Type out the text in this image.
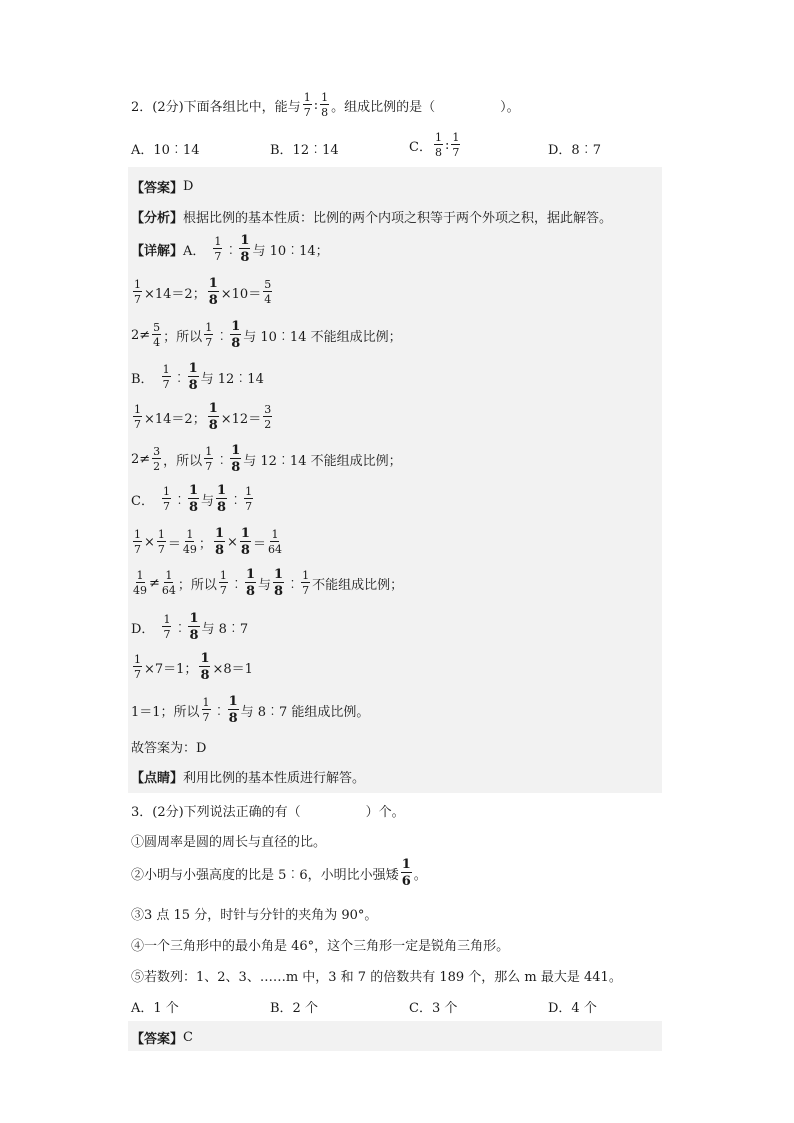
2．(2分)下面各组比中，能与 $\frac{1}{7}$ : $\frac{1}{8}$ 。组成比例的是（　　　　　）。
A．10︰14	B．12︰14	C． $\frac{1}{8}$ : $\frac{1}{7}$	D．8︰7
【答案】 D
【分析】 根据比例的基本性质：比例的两个内项之积等于两个外项之积，据此解答。
【详解】 A． $\frac{1}{7}$ ︰ $\frac{1}{8}$ 与 10︰14；
$\frac{1}{7} \times 14=2$； $\frac{1}{8} \times 10= \frac{5}{4}$
$2\ne \frac{5}{4}$ ；所以 $\frac{1}{7}$ ︰ $\frac{1}{8}$ 与 10︰14 不能组成比例；
B． $\frac{1}{7}$ ︰ $\frac{1}{8}$ 与 12︰14
$\frac{1}{7} \times 14=2$； $\frac{1}{8} \times 12= \frac{3}{2}$
$2\ne \frac{3}{2}$ ，所以 $\frac{1}{7}$ ︰ $\frac{1}{8}$ 与 12︰14 不能组成比例；
C． $\frac{1}{7}$ ︰ $\frac{1}{8}$ 与 $\frac{1}{8}$ ︰ $\frac{1}{7}$
$\frac{1}{7} \times \frac{1}{7} = \frac{1}{49}$ ； $\frac{1}{8} \times \frac{1}{8} = \frac{1}{64}$
$\frac{1}{49} \ne \frac{1}{64}$ ；所以 $\frac{1}{7}$ ︰ $\frac{1}{8}$ 与 $\frac{1}{8}$ ︰ $\frac{1}{7}$ 不能组成比例；
D． $\frac{1}{7}$ ︰ $\frac{1}{8}$ 与 8︰7
$\frac{1}{7} \times 7=1$； $\frac{1}{8} \times 8=1$
1＝1；所以 $\frac{1}{7}$ ︰ $\frac{1}{8}$ 与 8︰7 能组成比例。
故答案为：D
【点睛】 利用比例的基本性质进行解答。
3．(2分)下列说法正确的有（　　　　　）个。
①圆周率是圆的周长与直径的比。
②小明与小强高度的比是 5︰6，小明比小强矮 $\frac{1}{6}$ 。
③3 点 15 分，时针与分针的夹角为 90°。
④一个三角形中的最小角是 46°，这个三角形一定是锐角三角形。
⑤若数列：1、2、3、……m 中，3 和 7 的倍数共有 189 个，那么 m 最大是 441。
A．1 个	B．2 个	C．3 个	D．4 个
【答案】 C
